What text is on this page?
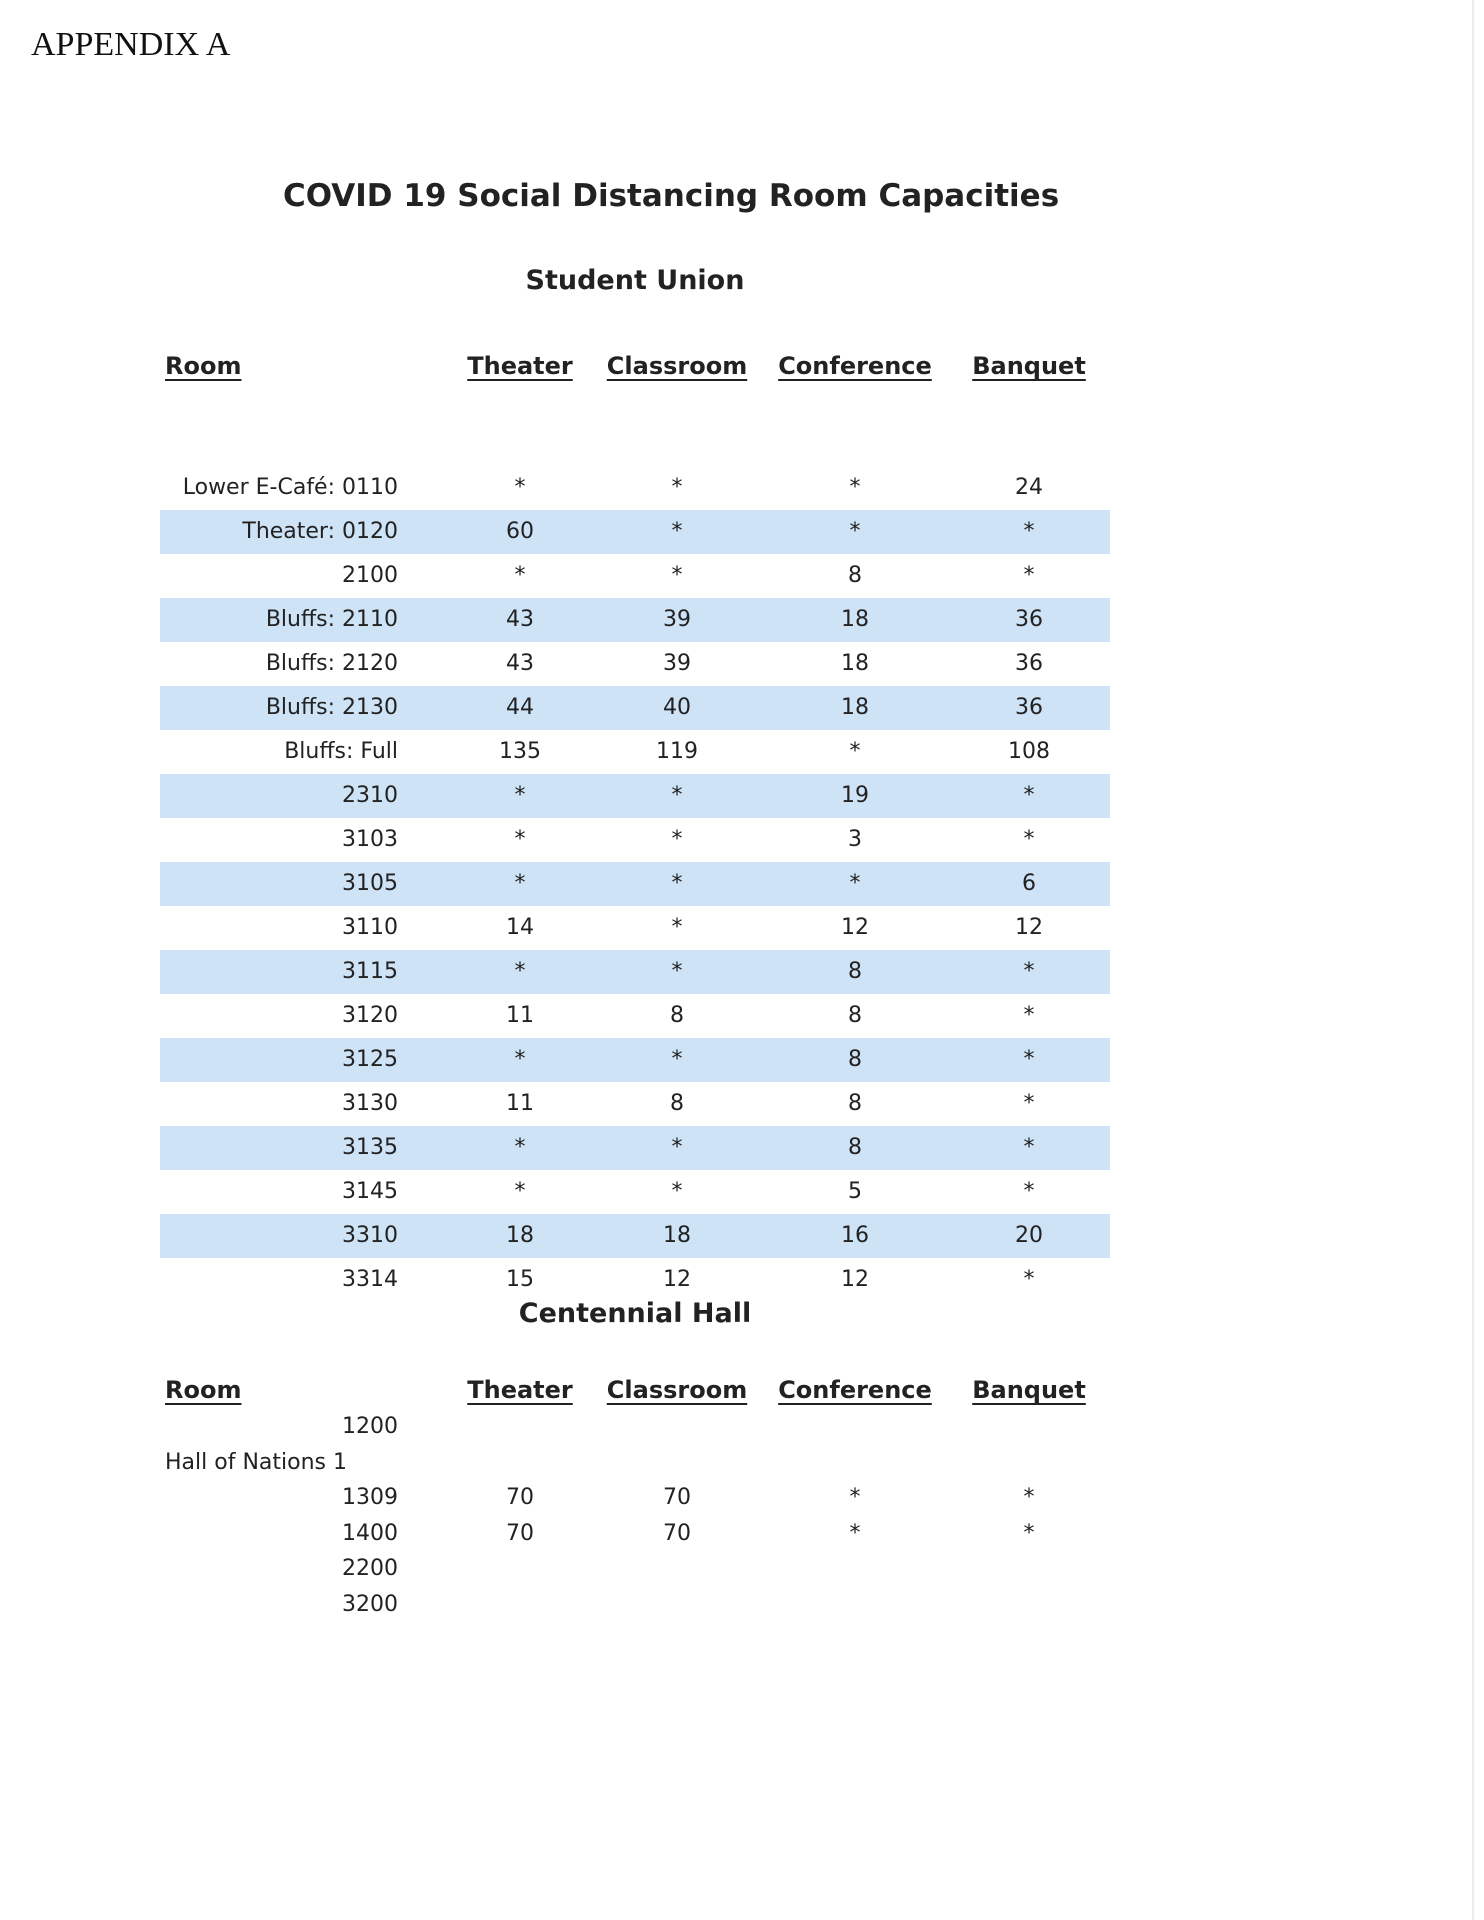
APPENDIX A
COVID 19 Social Distancing Room Capacities
Student Union
Room	Theater	Classroom	Conference	Banquet
Lower E-Café: 0110	*	*	*	24
Theater: 0120	60	*	*	*
2100	*	*	8	*
Bluffs: 2110	43	39	18	36
Bluffs: 2120	43	39	18	36
Bluffs: 2130	44	40	18	36
Bluffs: Full	135	119	*	108
2310	*	*	19	*
3103	*	*	3	*
3105	*	*	*	6
3110	14	*	12	12
3115	*	*	8	*
3120	11	8	8	*
3125	*	*	8	*
3130	11	8	8	*
3135	*	*	8	*
3145	*	*	5	*
3310	18	18	16	20
3314	15	12	12	*
Centennial Hall
Room	Theater	Classroom	Conference	Banquet
1200
Hall of Nations 1
1309	70	70	*	*
1400	70	70	*	*
2200
3200
